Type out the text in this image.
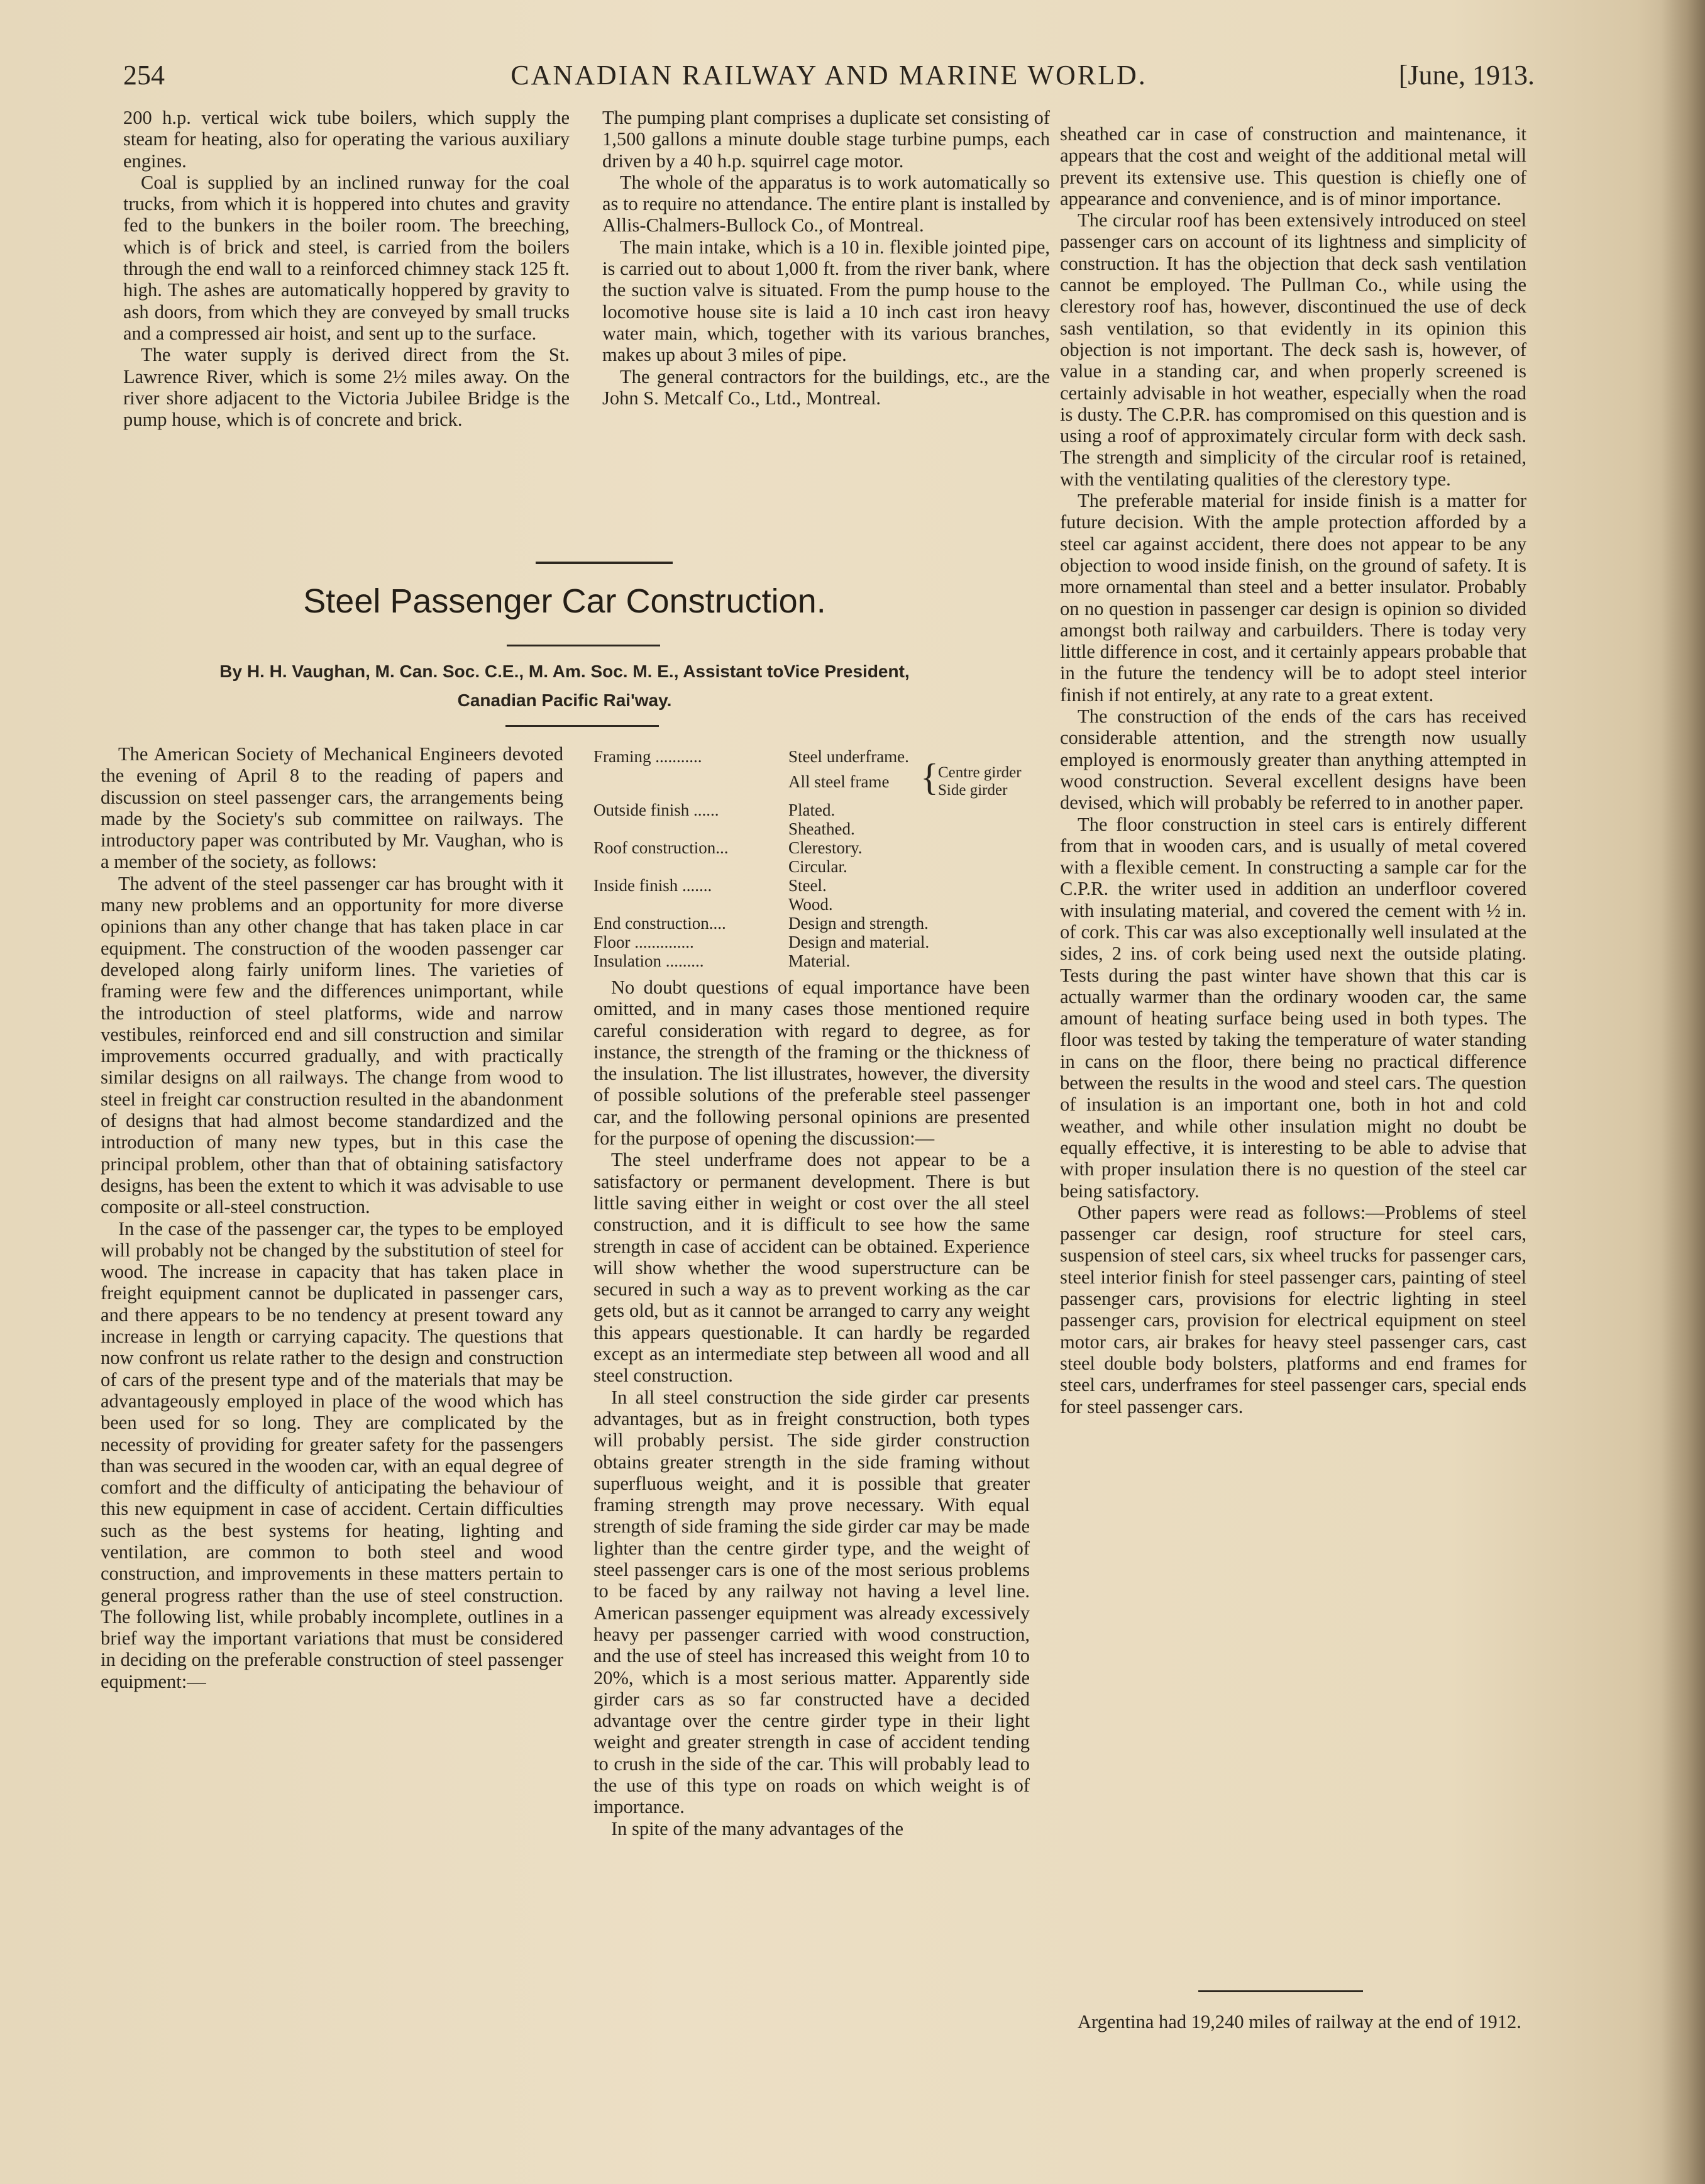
254	CANADIAN RAILWAY AND MARINE WORLD.	[June, 1913.

200 h.p. vertical wick tube boilers, which supply the steam for heating, also for operating the various auxiliary engines.

Coal is supplied by an inclined runway for the coal trucks, from which it is hoppered into chutes and gravity fed to the bunkers in the boiler room. The breeching, which is of brick and steel, is carried from the boilers through the end wall to a reinforced chimney stack 125 ft. high. The ashes are automatically hoppered by gravity to ash doors, from which they are conveyed by small trucks and a compressed air hoist, and sent up to the surface.

The water supply is derived direct from the St. Lawrence River, which is some 2½ miles away. On the river shore adjacent to the Victoria Jubilee Bridge is the pump house, which is of concrete and brick.

The pumping plant comprises a duplicate set consisting of 1,500 gallons a minute double stage turbine pumps, each driven by a 40 h.p. squirrel cage motor.

The whole of the apparatus is to work automatically so as to require no attendance. The entire plant is installed by Allis-Chalmers-Bullock Co., of Montreal.

The main intake, which is a 10 in. flexible jointed pipe, is carried out to about 1,000 ft. from the river bank, where the suction valve is situated. From the pump house to the locomotive house site is laid a 10 inch cast iron heavy water main, which, together with its various branches, makes up about 3 miles of pipe.

The general contractors for the buildings, etc., are the John S. Metcalf Co., Ltd., Montreal.

Steel Passenger Car Construction.
By H. H. Vaughan, M. Can. Soc. C.E., M. Am. Soc. M. E., Assistant toVice President,
Canadian Pacific Rai'way.

The American Society of Mechanical Engineers devoted the evening of April 8 to the reading of papers and discussion on steel passenger cars, the arrangements being made by the Society's sub committee on railways. The introductory paper was contributed by Mr. Vaughan, who is a member of the society, as follows:

The advent of the steel passenger car has brought with it many new problems and an opportunity for more diverse opinions than any other change that has taken place in car equipment. The construction of the wooden passenger car developed along fairly uniform lines. The varieties of framing were few and the differences unimportant, while the introduction of steel platforms, wide and narrow vestibules, reinforced end and sill construction and similar improvements occurred gradually, and with practically similar designs on all railways. The change from wood to steel in freight car construction resulted in the abandonment of designs that had almost become standardized and the introduction of many new types, but in this case the principal problem, other than that of obtaining satisfactory designs, has been the extent to which it was advisable to use composite or all-steel construction.

In the case of the passenger car, the types to be employed will probably not be changed by the substitution of steel for wood. The increase in capacity that has taken place in freight equipment cannot be duplicated in passenger cars, and there appears to be no tendency at present toward any increase in length or carrying capacity. The questions that now confront us relate rather to the design and construction of cars of the present type and of the materials that may be advantageously employed in place of the wood which has been used for so long. They are complicated by the necessity of providing for greater safety for the passengers than was secured in the wooden car, with an equal degree of comfort and the difficulty of anticipating the behaviour of this new equipment in case of accident. Certain difficulties such as the best systems for heating, lighting and ventilation, are common to both steel and wood construction, and improvements in these matters pertain to general progress rather than the use of steel construction. The following list, while probably incomplete, outlines in a brief way the important variations that must be considered in deciding on the preferable construction of steel passenger equipment:—

Framing ...........	Steel underframe.
All steel frame { Centre girder
Side girder
Outside finish ......	Plated.
Sheathed.
Roof construction...	Clerestory.
Circular.
Inside finish .......	Steel.
Wood.
End construction....	Design and strength.
Floor ..............	Design and material.
Insulation .........	Material.

No doubt questions of equal importance have been omitted, and in many cases those mentioned require careful consideration with regard to degree, as for instance, the strength of the framing or the thickness of the insulation. The list illustrates, however, the diversity of possible solutions of the preferable steel passenger car, and the following personal opinions are presented for the purpose of opening the discussion:—

The steel underframe does not appear to be a satisfactory or permanent development. There is but little saving either in weight or cost over the all steel construction, and it is difficult to see how the same strength in case of accident can be obtained. Experience will show whether the wood superstructure can be secured in such a way as to prevent working as the car gets old, but as it cannot be arranged to carry any weight this appears questionable. It can hardly be regarded except as an intermediate step between all wood and all steel construction.

In all steel construction the side girder car presents advantages, but as in freight construction, both types will probably persist. The side girder construction obtains greater strength in the side framing without superfluous weight, and it is possible that greater framing strength may prove necessary. With equal strength of side framing the side girder car may be made lighter than the centre girder type, and the weight of steel passenger cars is one of the most serious problems to be faced by any railway not having a level line. American passenger equipment was already excessively heavy per passenger carried with wood construction, and the use of steel has increased this weight from 10 to 20%, which is a most serious matter. Apparently side girder cars as so far constructed have a decided advantage over the centre girder type in their light weight and greater strength in case of accident tending to crush in the side of the car. This will probably lead to the use of this type on roads on which weight is of importance.

In spite of the many advantages of the

sheathed car in case of construction and maintenance, it appears that the cost and weight of the additional metal will prevent its extensive use. This question is chiefly one of appearance and convenience, and is of minor importance.

The circular roof has been extensively introduced on steel passenger cars on account of its lightness and simplicity of construction. It has the objection that deck sash ventilation cannot be employed. The Pullman Co., while using the clerestory roof has, however, discontinued the use of deck sash ventilation, so that evidently in its opinion this objection is not important. The deck sash is, however, of value in a standing car, and when properly screened is certainly advisable in hot weather, especially when the road is dusty. The C.P.R. has compromised on this question and is using a roof of approximately circular form with deck sash. The strength and simplicity of the circular roof is retained, with the ventilating qualities of the clerestory type.

The preferable material for inside finish is a matter for future decision. With the ample protection afforded by a steel car against accident, there does not appear to be any objection to wood inside finish, on the ground of safety. It is more ornamental than steel and a better insulator. Probably on no question in passenger car design is opinion so divided amongst both railway and carbuilders. There is today very little difference in cost, and it certainly appears probable that in the future the tendency will be to adopt steel interior finish if not entirely, at any rate to a great extent.

The construction of the ends of the cars has received considerable attention, and the strength now usually employed is enormously greater than anything attempted in wood construction. Several excellent designs have been devised, which will probably be referred to in another paper.

The floor construction in steel cars is entirely different from that in wooden cars, and is usually of metal covered with a flexible cement. In constructing a sample car for the C.P.R. the writer used in addition an underfloor covered with insulating material, and covered the cement with ½ in. of cork. This car was also exceptionally well insulated at the sides, 2 ins. of cork being used next the outside plating. Tests during the past winter have shown that this car is actually warmer than the ordinary wooden car, the same amount of heating surface being used in both types. The floor was tested by taking the temperature of water standing in cans on the floor, there being no practical difference between the results in the wood and steel cars. The question of insulation is an important one, both in hot and cold weather, and while other insulation might no doubt be equally effective, it is interesting to be able to advise that with proper insulation there is no question of the steel car being satisfactory.

Other papers were read as follows:—Problems of steel passenger car design, roof structure for steel cars, suspension of steel cars, six wheel trucks for passenger cars, steel interior finish for steel passenger cars, painting of steel passenger cars, provisions for electric lighting in steel passenger cars, provision for electrical equipment on steel motor cars, air brakes for heavy steel passenger cars, cast steel double body bolsters, platforms and end frames for steel cars, underframes for steel passenger cars, special ends for steel passenger cars.

Argentina had 19,240 miles of railway at the end of 1912.
